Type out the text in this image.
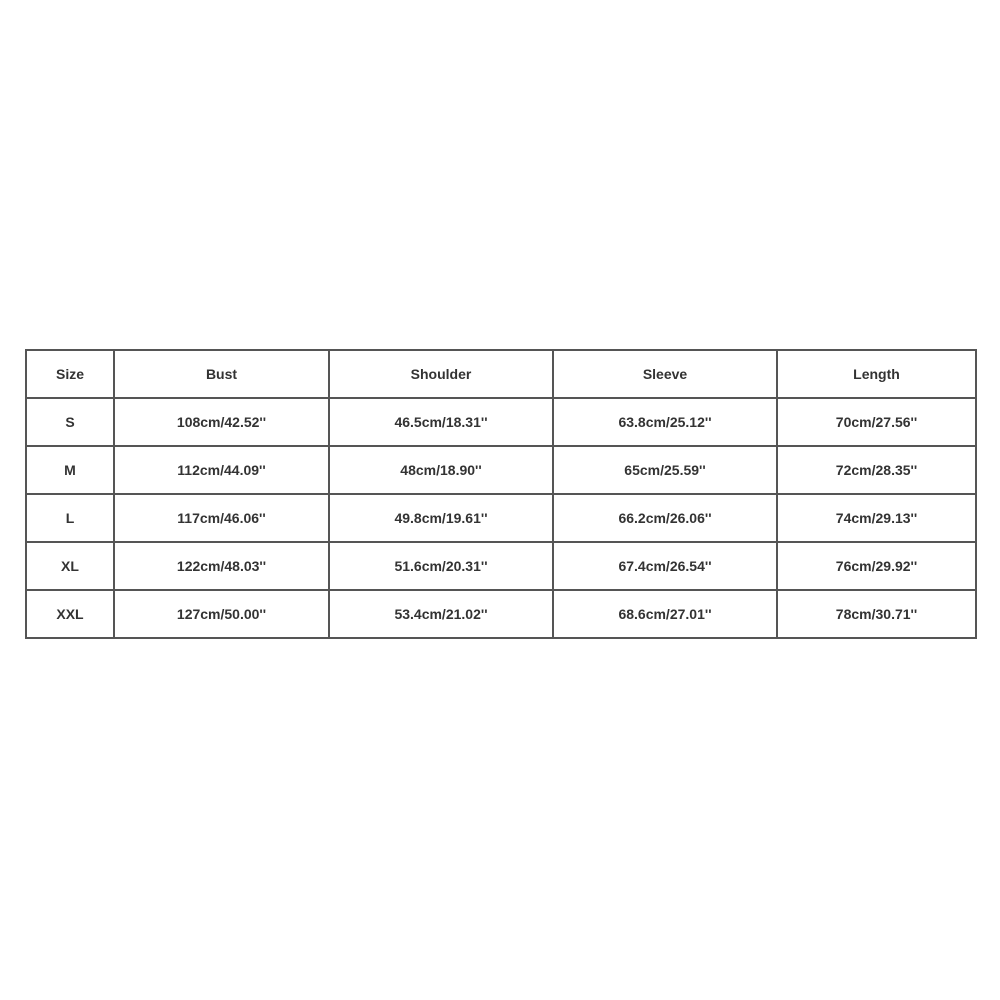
Size	Bust	Shoulder	Sleeve	Length
S	108cm/42.52''	46.5cm/18.31''	63.8cm/25.12''	70cm/27.56''
M	112cm/44.09''	48cm/18.90''	65cm/25.59''	72cm/28.35''
L	117cm/46.06''	49.8cm/19.61''	66.2cm/26.06''	74cm/29.13''
XL	122cm/48.03''	51.6cm/20.31''	67.4cm/26.54''	76cm/29.92''
XXL	127cm/50.00''	53.4cm/21.02''	68.6cm/27.01''	78cm/30.71''
